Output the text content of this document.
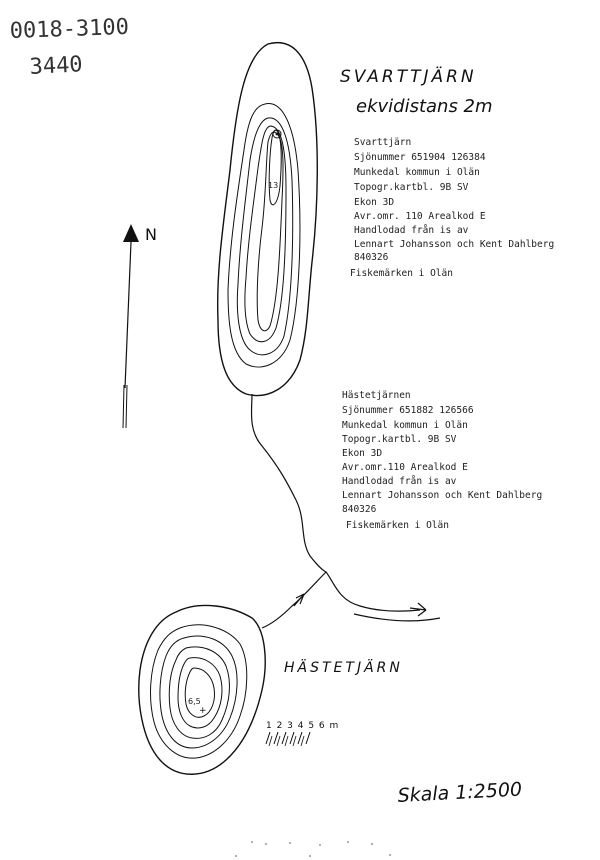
0018-3100
3440	SVARTTJÄRN
ekvidistans 2m
Svarttjärn
Sjönummer 651904 126384
Munkedal kommun i Olän
Topogr.kartbl. 9B SV
Ekon 3D
Avr.omr. 110 Arealkod E
Handlodad från is av
Lennart Johansson och Kent Dahlberg
840326
Fiskemärken i Olän
Hästetjärnen
Sjönummer 651882 126566
Munkedal kommun i Olän
Topogr.kartbl. 9B SV
Ekon 3D
Avr.omr.110 Arealkod E
Handlodad från is av
Lennart Johansson och Kent Dahlberg
840326
Fiskemärken i Olän
N
13
6,5
+
HÄSTETJÄRN
1 2 3 4 5 6 m
Skala 1:2500
